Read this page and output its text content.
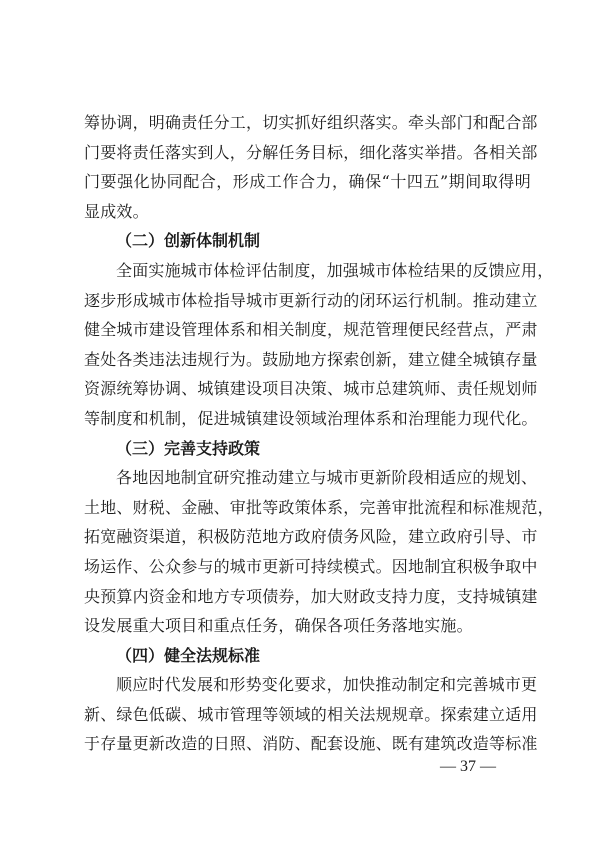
筹协调，明确责任分工，切实抓好组织落实。牵头部门和配合部
门要将责任落实到人，分解任务目标，细化落实举措。各相关部
门要强化协同配合，形成工作合力，确保“十四五”期间取得明
显成效。
（二）创新体制机制
全面实施城市体检评估制度，加强城市体检结果的反馈应用，
逐步形成城市体检指导城市更新行动的闭环运行机制。推动建立
健全城市建设管理体系和相关制度，规范管理便民经营点，严肃
查处各类违法违规行为。鼓励地方探索创新，建立健全城镇存量
资源统筹协调、城镇建设项目决策、城市总建筑师、责任规划师
等制度和机制，促进城镇建设领域治理体系和治理能力现代化。
（三）完善支持政策
各地因地制宜研究推动建立与城市更新阶段相适应的规划、
土地、财税、金融、审批等政策体系，完善审批流程和标准规范，
拓宽融资渠道，积极防范地方政府债务风险，建立政府引导、市
场运作、公众参与的城市更新可持续模式。因地制宜积极争取中
央预算内资金和地方专项债券，加大财政支持力度，支持城镇建
设发展重大项目和重点任务，确保各项任务落地实施。
（四）健全法规标准
顺应时代发展和形势变化要求，加快推动制定和完善城市更
新、绿色低碳、城市管理等领域的相关法规规章。探索建立适用
于存量更新改造的日照、消防、配套设施、既有建筑改造等标准
— 37 —
